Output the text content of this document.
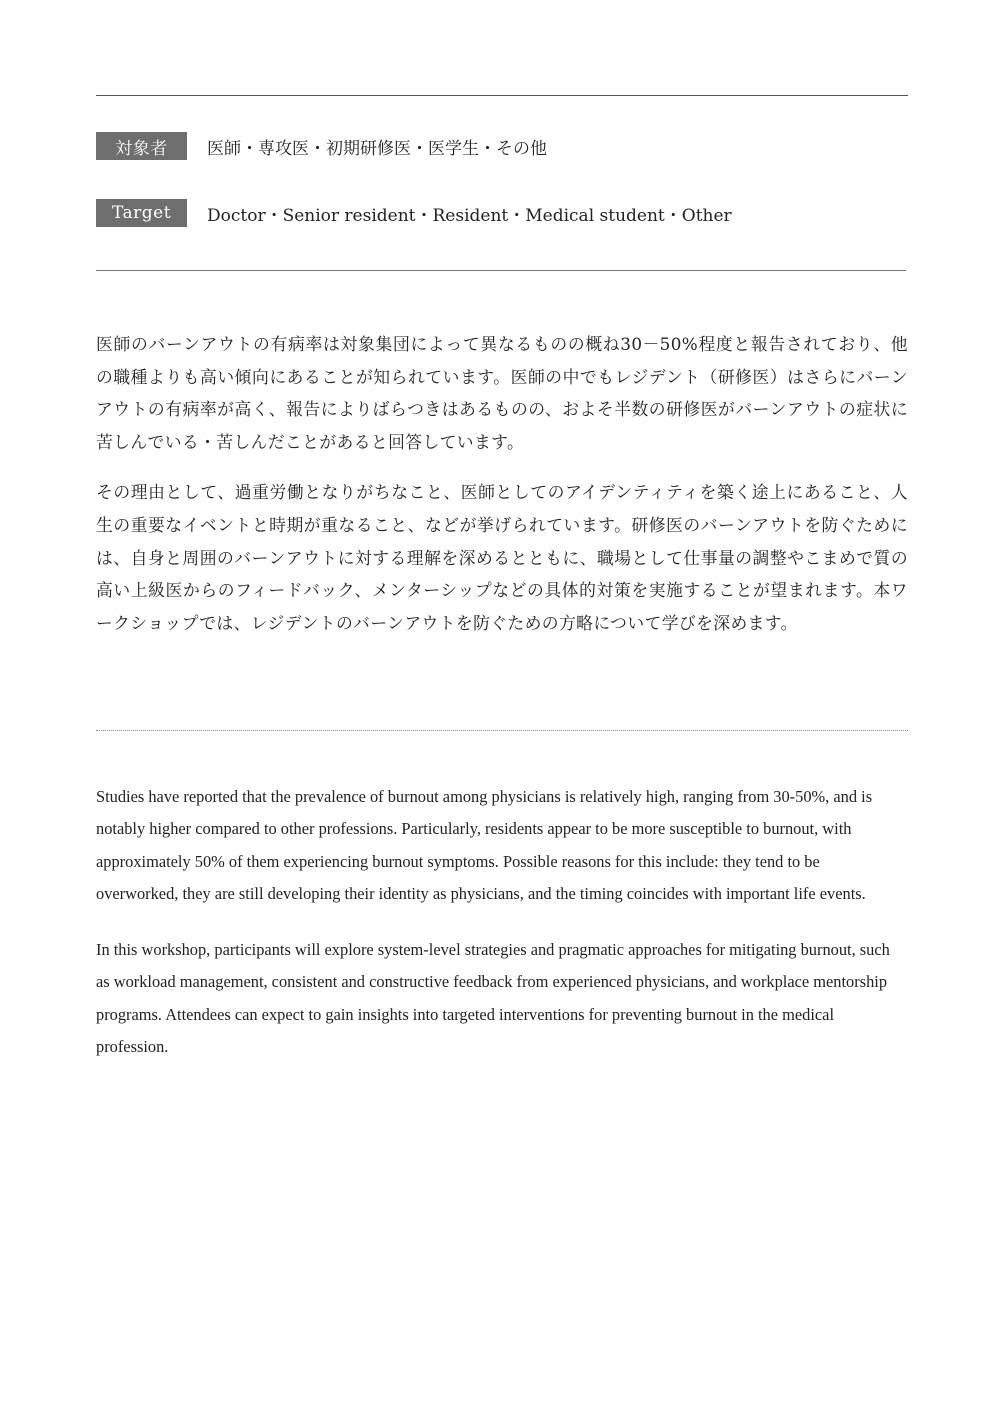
対象者	医師・専攻医・初期研修医・医学生・その他
Target	Doctor・Senior resident・Resident・Medical student・Other

医師のバーンアウトの有病率は対象集団によって異なるものの概ね30－50%程度と報告されており、他の職種よりも高い傾向にあることが知られています。医師の中でもレジデント（研修医）はさらにバーンアウトの有病率が高く、報告によりばらつきはあるものの、およそ半数の研修医がバーンアウトの症状に苦しんでいる・苦しんだことがあると回答しています。

その理由として、過重労働となりがちなこと、医師としてのアイデンティティを築く途上にあること、人生の重要なイベントと時期が重なること、などが挙げられています。研修医のバーンアウトを防ぐためには、自身と周囲のバーンアウトに対する理解を深めるとともに、職場として仕事量の調整やこまめで質の高い上級医からのフィードバック、メンターシップなどの具体的対策を実施することが望まれます。本ワークショップでは、レジデントのバーンアウトを防ぐための方略について学びを深めます。

Studies have reported that the prevalence of burnout among physicians is relatively high, ranging from 30-50%, and is notably higher compared to other professions. Particularly, residents appear to be more susceptible to burnout, with approximately 50% of them experiencing burnout symptoms. Possible reasons for this include: they tend to be overworked, they are still developing their identity as physicians, and the timing coincides with important life events.

In this workshop, participants will explore system-level strategies and pragmatic approaches for mitigating burnout, such as workload management, consistent and constructive feedback from experienced physicians, and workplace mentorship programs. Attendees can expect to gain insights into targeted interventions for preventing burnout in the medical profession.
